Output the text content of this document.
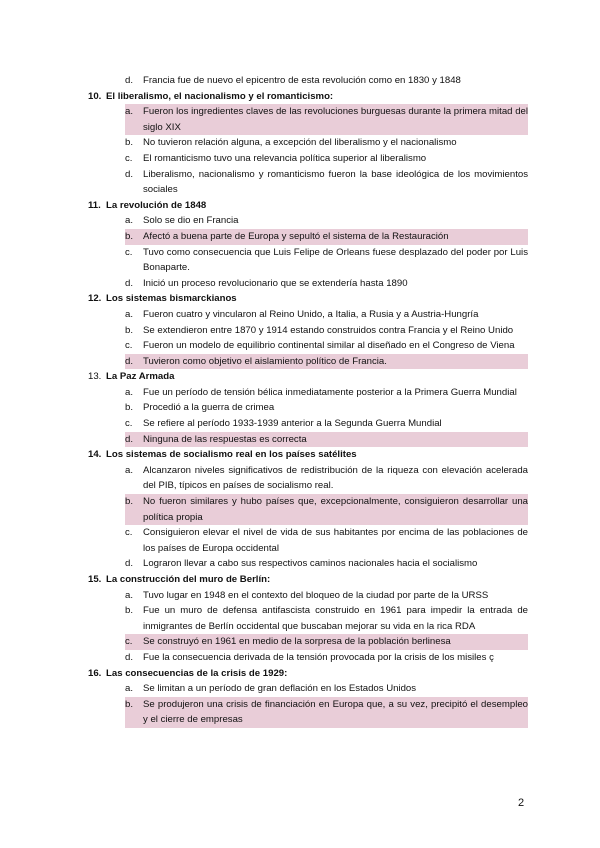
d.	Francia fue de nuevo el epicentro de esta revolución como en 1830 y 1848
10. El liberalismo, el nacionalismo y el romanticismo:
a.	Fueron los ingredientes claves de las revoluciones burguesas durante la primera mitad del siglo XIX
b.	No tuvieron relación alguna, a excepción del liberalismo y el nacionalismo
c.	El romanticismo tuvo una relevancia política superior al liberalismo
d.	Liberalismo, nacionalismo y romanticismo fueron la base ideológica de los movimientos sociales
11. La revolución de 1848
a.	Solo se dio en Francia
b.	Afectó a buena parte de Europa y sepultó el sistema de la Restauración
c.	Tuvo como consecuencia que Luis Felipe de Orleans fuese desplazado del poder por Luis Bonaparte.
d.	Inició un proceso revolucionario que se extendería hasta 1890
12. Los sistemas bismarckianos
a.	Fueron cuatro y vincularon al Reino Unido, a Italia, a Rusia y a Austria-Hungría
b.	Se extendieron entre 1870 y 1914 estando construidos contra Francia y el Reino Unido
c.	Fueron un modelo de equilibrio continental similar al diseñado en el Congreso de Viena
d.	Tuvieron como objetivo el aislamiento político de Francia.
13. La Paz Armada
a.	Fue un período de tensión bélica inmediatamente posterior a la Primera Guerra Mundial
b.	Procedió a la guerra de crimea
c.	Se refiere al período 1933-1939 anterior a la Segunda Guerra Mundial
d.	Ninguna de las respuestas es correcta
14. Los sistemas de socialismo real en los países satélites
a.	Alcanzaron niveles significativos de redistribución de la riqueza con elevación acelerada del PIB, típicos en países de socialismo real.
b.	No fueron similares y hubo países que, excepcionalmente, consiguieron desarrollar una política propia
c.	Consiguieron elevar el nivel de vida de sus habitantes por encima de las poblaciones de los países de Europa occidental
d.	Lograron llevar a cabo sus respectivos caminos nacionales hacia el socialismo
15. La construcción del muro de Berlín:
a.	Tuvo lugar en 1948 en el contexto del bloqueo de la ciudad por parte de la URSS
b.	Fue un muro de defensa antifascista construido en 1961 para impedir la entrada de inmigrantes de Berlín occidental que buscaban mejorar su vida en la rica RDA
c.	Se construyó en 1961 en medio de la sorpresa de la población berlinesa
d.	Fue la consecuencia derivada de la tensión provocada por la crisis de los misiles ç
16. Las consecuencias de la crisis de 1929:
a.	Se limitan a un período de gran deflación en los Estados Unidos
b.	Se produjeron una crisis de financiación en Europa que, a su vez, precipitó el desempleo y el cierre de empresas
2
